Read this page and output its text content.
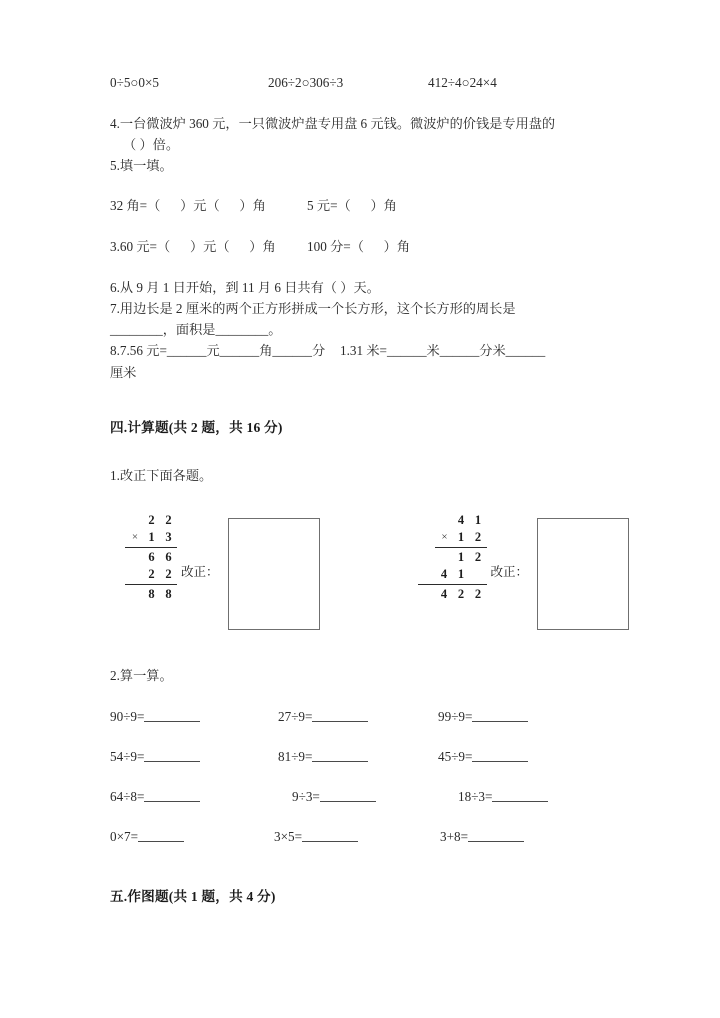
0÷5○0×5	206÷2○306÷3	412÷4○24×4
4.一台微波炉 360 元，一只微波炉盘专用盘 6 元钱。微波炉的价钱是专用盘的
（ ）倍。
5.填一填。
32 角=（      ）元（      ）角	5 元=（      ）角
3.60 元=（      ）元（      ）角	100 分=（      ）角
6.从 9 月 1 日开始，到 11 月 6 日共有（ ）天。
7.用边长是 2 厘米的两个正方形拼成一个长方形，这个长方形的周长是
________，面积是________。
8.7.56 元=______元______角______分	1.31 米=______米______分米______
厘米
四.计算题(共 2 题，共 16 分)
1.改正下面各题。
2 2
× 1 3
6 6
2 2
8 8
改正：
4 1
× 1 2
1 2
4 1
4 2 2
改正：
2.算一算。
90÷9=	27÷9=	99÷9=
54÷9=	81÷9=	45÷9=
64÷8=	9÷3=	18÷3=
0×7=	3×5=	3+8=
五.作图题(共 1 题，共 4 分)
